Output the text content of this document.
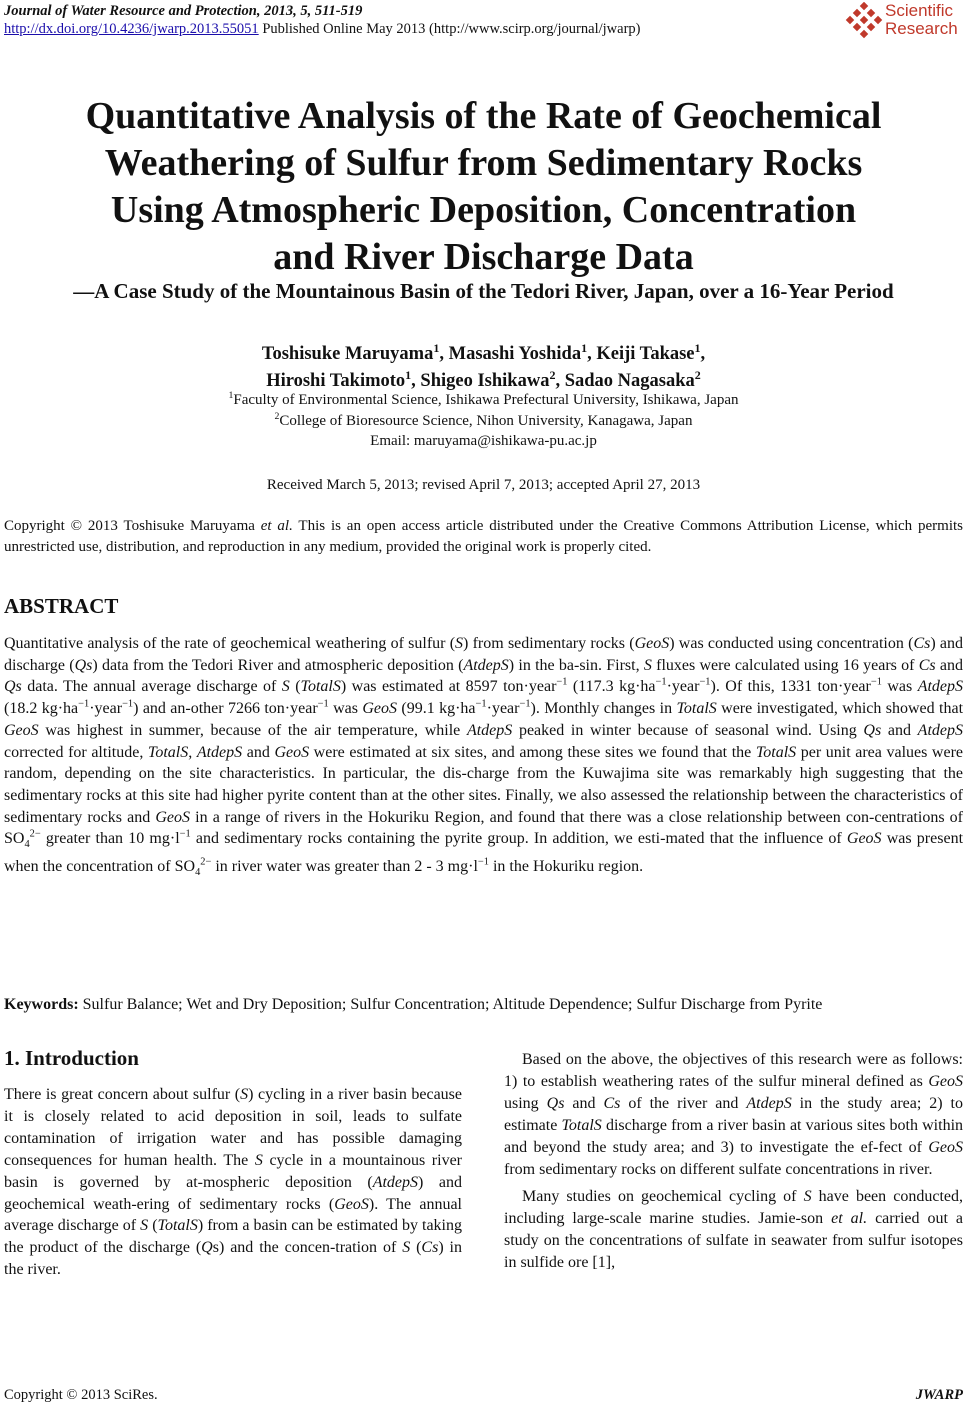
Journal of Water Resource and Protection, 2013, 5, 511-519
http://dx.doi.org/10.4236/jwarp.2013.55051 Published Online May 2013 (http://www.scirp.org/journal/jwarp)
Scientific
Research
Quantitative Analysis of the Rate of Geochemical
Weathering of Sulfur from Sedimentary Rocks
Using Atmospheric Deposition, Concentration
and River Discharge Data
—A Case Study of the Mountainous Basin of the Tedori River, Japan, over a 16-Year Period
Toshisuke Maruyama$^1$, Masashi Yoshida$^1$, Keiji Takase$^1$,
Hiroshi Takimoto$^1$, Shigeo Ishikawa$^2$, Sadao Nagasaka$^2$
$^1$Faculty of Environmental Science, Ishikawa Prefectural University, Ishikawa, Japan
$^2$College of Bioresource Science, Nihon University, Kanagawa, Japan
Email: maruyama@ishikawa-pu.ac.jp
Received March 5, 2013; revised April 7, 2013; accepted April 27, 2013
Copyright © 2013 Toshisuke Maruyama et al. This is an open access article distributed under the Creative Commons Attribution License, which permits unrestricted use, distribution, and reproduction in any medium, provided the original work is properly cited.
ABSTRACT
Quantitative analysis of the rate of geochemical weathering of sulfur (S) from sedimentary rocks (GeoS) was conducted using concentration (Cs) and discharge (Qs) data from the Tedori River and atmospheric deposition (AtdepS) in the ba-sin. First, S fluxes were calculated using 16 years of Cs and Qs data. The annual average discharge of S (TotalS) was estimated at 8597 ton·year$^{-1}$ (117.3 $kg\cdot ha^{-1}\cdot year^{-1}$). Of this, 1331 ton·year$^{-1}$ was AtdepS (18.2 $kg\cdot ha^{-1}\cdot year^{-1}$) and an-other 7266 ton·year$^{-1}$ was GeoS (99.1 $kg\cdot ha^{-1}\cdot year^{-1}$). Monthly changes in TotalS were investigated, which showed that GeoS was highest in summer, because of the air temperature, while AtdepS peaked in winter because of seasonal wind. Using Qs and AtdepS corrected for altitude, TotalS, AtdepS and GeoS were estimated at six sites, and among these sites we found that the TotalS per unit area values were random, depending on the site characteristics. In particular, the dis-charge from the Kuwajima site was remarkably high suggesting that the sedimentary rocks at this site had higher pyrite content than at the other sites. Finally, we also assessed the relationship between the characteristics of sedimentary rocks and GeoS in a range of rivers in the Hokuriku Region, and found that there was a close relationship between con-centrations of $SO_4^{2-}$ greater than 10 $mg\cdot l^{-1}$ and sedimentary rocks containing the pyrite group. In addition, we esti-mated that the influence of GeoS was present when the concentration of $SO_4^{2-}$ in river water was greater than 2 - 3 $mg\cdot l^{-1}$ in the Hokuriku region.
Keywords: Sulfur Balance; Wet and Dry Deposition; Sulfur Concentration; Altitude Dependence; Sulfur Discharge from Pyrite
1. Introduction

There is great concern about sulfur (S) cycling in a river basin because it is closely related to acid deposition in soil, leads to sulfate contamination of irrigation water and has possible damaging consequences for human health. The S cycle in a mountainous river basin is governed by at-mospheric deposition (AtdepS) and geochemical weath-ering of sedimentary rocks (GeoS). The annual average discharge of S (TotalS) from a basin can be estimated by taking the product of the discharge (Qs) and the concen-tration of S (Cs) in the river.

Based on the above, the objectives of this research were as follows: 1) to establish weathering rates of the sulfur mineral defined as GeoS using Qs and Cs of the river and AtdepS in the study area; 2) to estimate TotalS discharge from a river basin at various sites both within and beyond the study area; and 3) to investigate the ef-fect of GeoS from sedimentary rocks on different sulfate concentrations in river.

Many studies on geochemical cycling of S have been conducted, including large-scale marine studies. Jamie-son et al. carried out a study on the concentrations of sulfate in seawater from sulfur isotopes in sulfide ore [1],

Copyright © 2013 SciRes.	JWARP
